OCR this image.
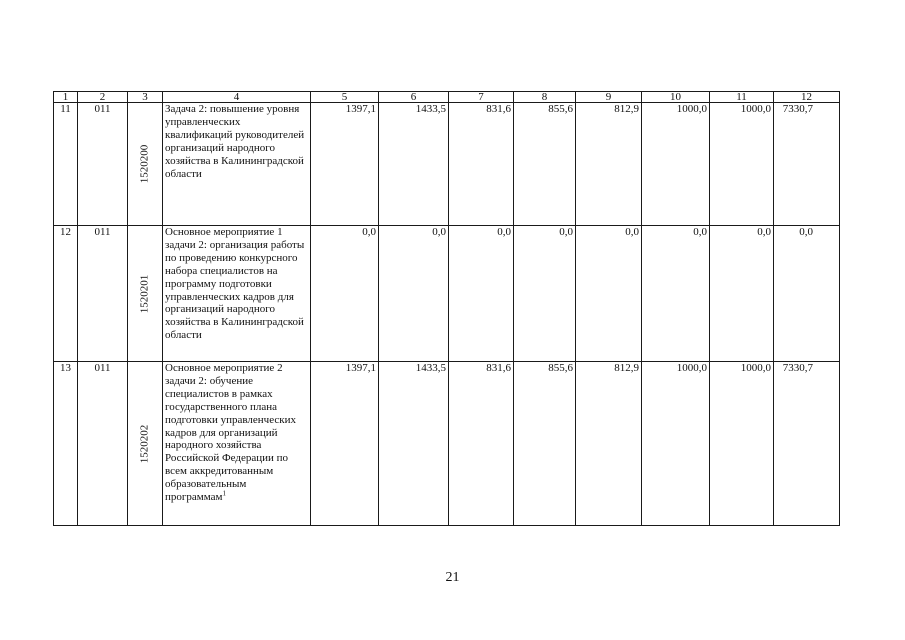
1	2	3	4	5	6	7	8	9	10	11	12
11	011	1520200	Задача 2: повышение уровня управленческих квалификаций руководителей организаций народного хозяйства в Калининградской области	1397,1	1433,5	831,6	855,6	812,9	1000,0	1000,0	7330,7
12	011	1520201	Основное мероприятие 1 задачи 2: организация работы по проведению конкурсного набора специалистов на программу подготовки управленческих кадров для организаций народного хозяйства в Калининградской области	0,0	0,0	0,0	0,0	0,0	0,0	0,0	0,0
13	011	1520202	Основное мероприятие 2 задачи 2: обучение специалистов в рамках государственного плана подготовки управленческих кадров для организаций народного хозяйства Российской Федерации по всем аккредитованным образовательным программам$^1$	1397,1	1433,5	831,6	855,6	812,9	1000,0	1000,0	7330,7
21
